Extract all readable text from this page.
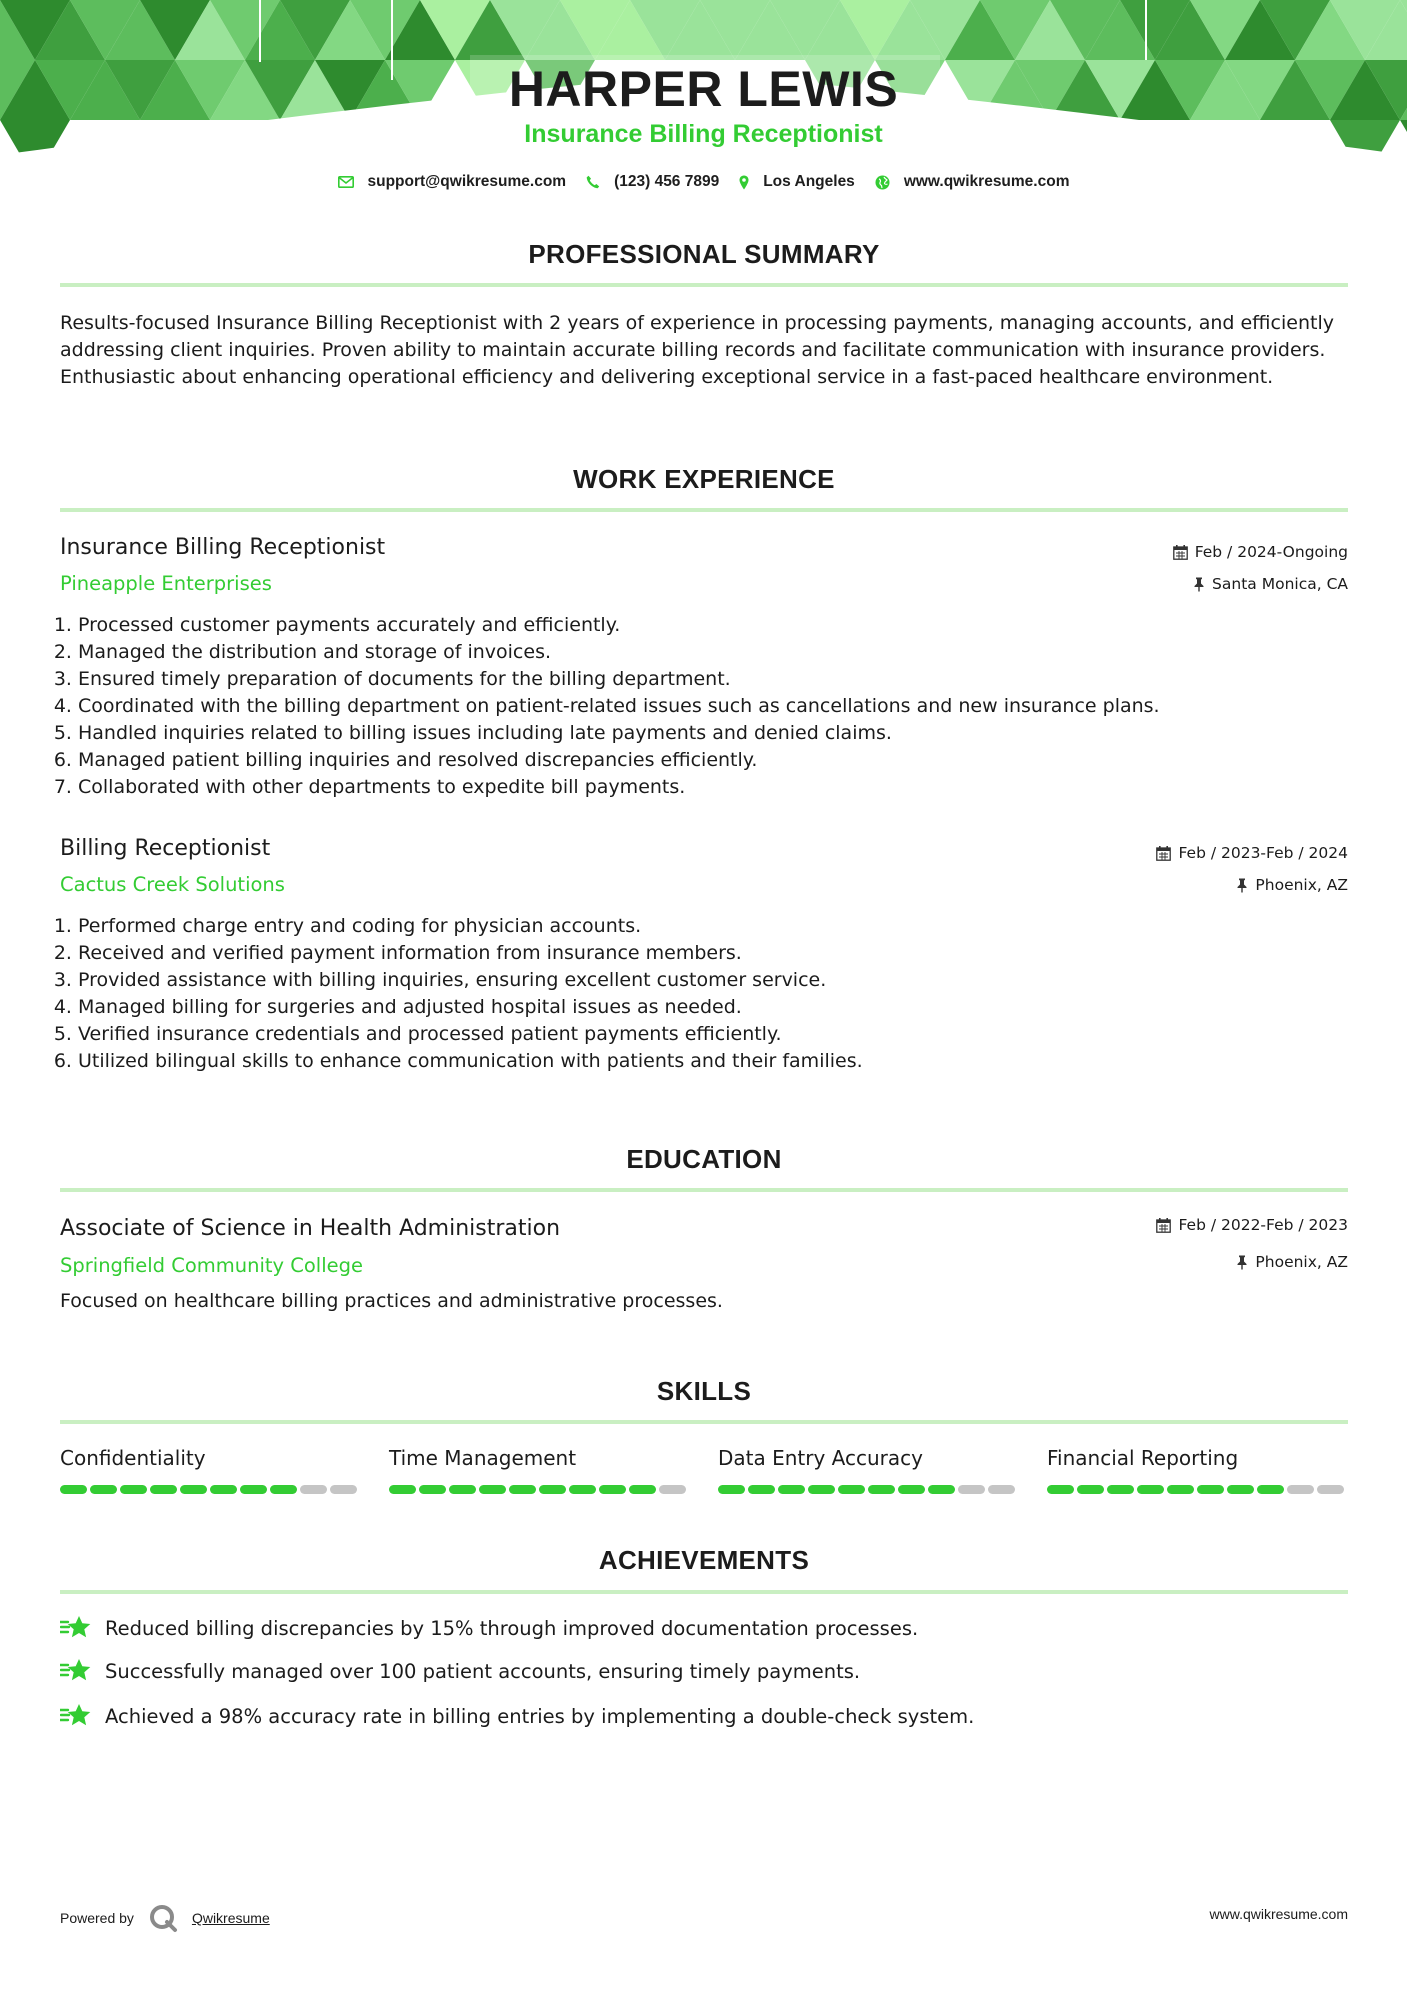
HARPER LEWIS
Insurance Billing Receptionist
support@qwikresume.com	(123) 456 7899	Los Angeles	www.qwikresume.com
PROFESSIONAL SUMMARY
Results-focused Insurance Billing Receptionist with 2 years of experience in processing payments, managing accounts, and efficiently addressing client inquiries. Proven ability to maintain accurate billing records and facilitate communication with insurance providers. Enthusiastic about enhancing operational efficiency and delivering exceptional service in a fast-paced healthcare environment.
WORK EXPERIENCE
Insurance Billing Receptionist
Pineapple Enterprises
Feb / 2024-Ongoing
Santa Monica, CA
1. Processed customer payments accurately and efficiently.
2. Managed the distribution and storage of invoices.
3. Ensured timely preparation of documents for the billing department.
4. Coordinated with the billing department on patient-related issues such as cancellations and new insurance plans.
5. Handled inquiries related to billing issues including late payments and denied claims.
6. Managed patient billing inquiries and resolved discrepancies efficiently.
7. Collaborated with other departments to expedite bill payments.
Billing Receptionist
Cactus Creek Solutions
Feb / 2023-Feb / 2024
Phoenix, AZ
1. Performed charge entry and coding for physician accounts.
2. Received and verified payment information from insurance members.
3. Provided assistance with billing inquiries, ensuring excellent customer service.
4. Managed billing for surgeries and adjusted hospital issues as needed.
5. Verified insurance credentials and processed patient payments efficiently.
6. Utilized bilingual skills to enhance communication with patients and their families.
EDUCATION
Associate of Science in Health Administration
Springfield Community College
Feb / 2022-Feb / 2023
Phoenix, AZ
Focused on healthcare billing practices and administrative processes.
SKILLS
Confidentiality	Time Management	Data Entry Accuracy	Financial Reporting
ACHIEVEMENTS
Reduced billing discrepancies by 15% through improved documentation processes.
Successfully managed over 100 patient accounts, ensuring timely payments.
Achieved a 98% accuracy rate in billing entries by implementing a double-check system.
Powered by	Qwikresume	www.qwikresume.com
